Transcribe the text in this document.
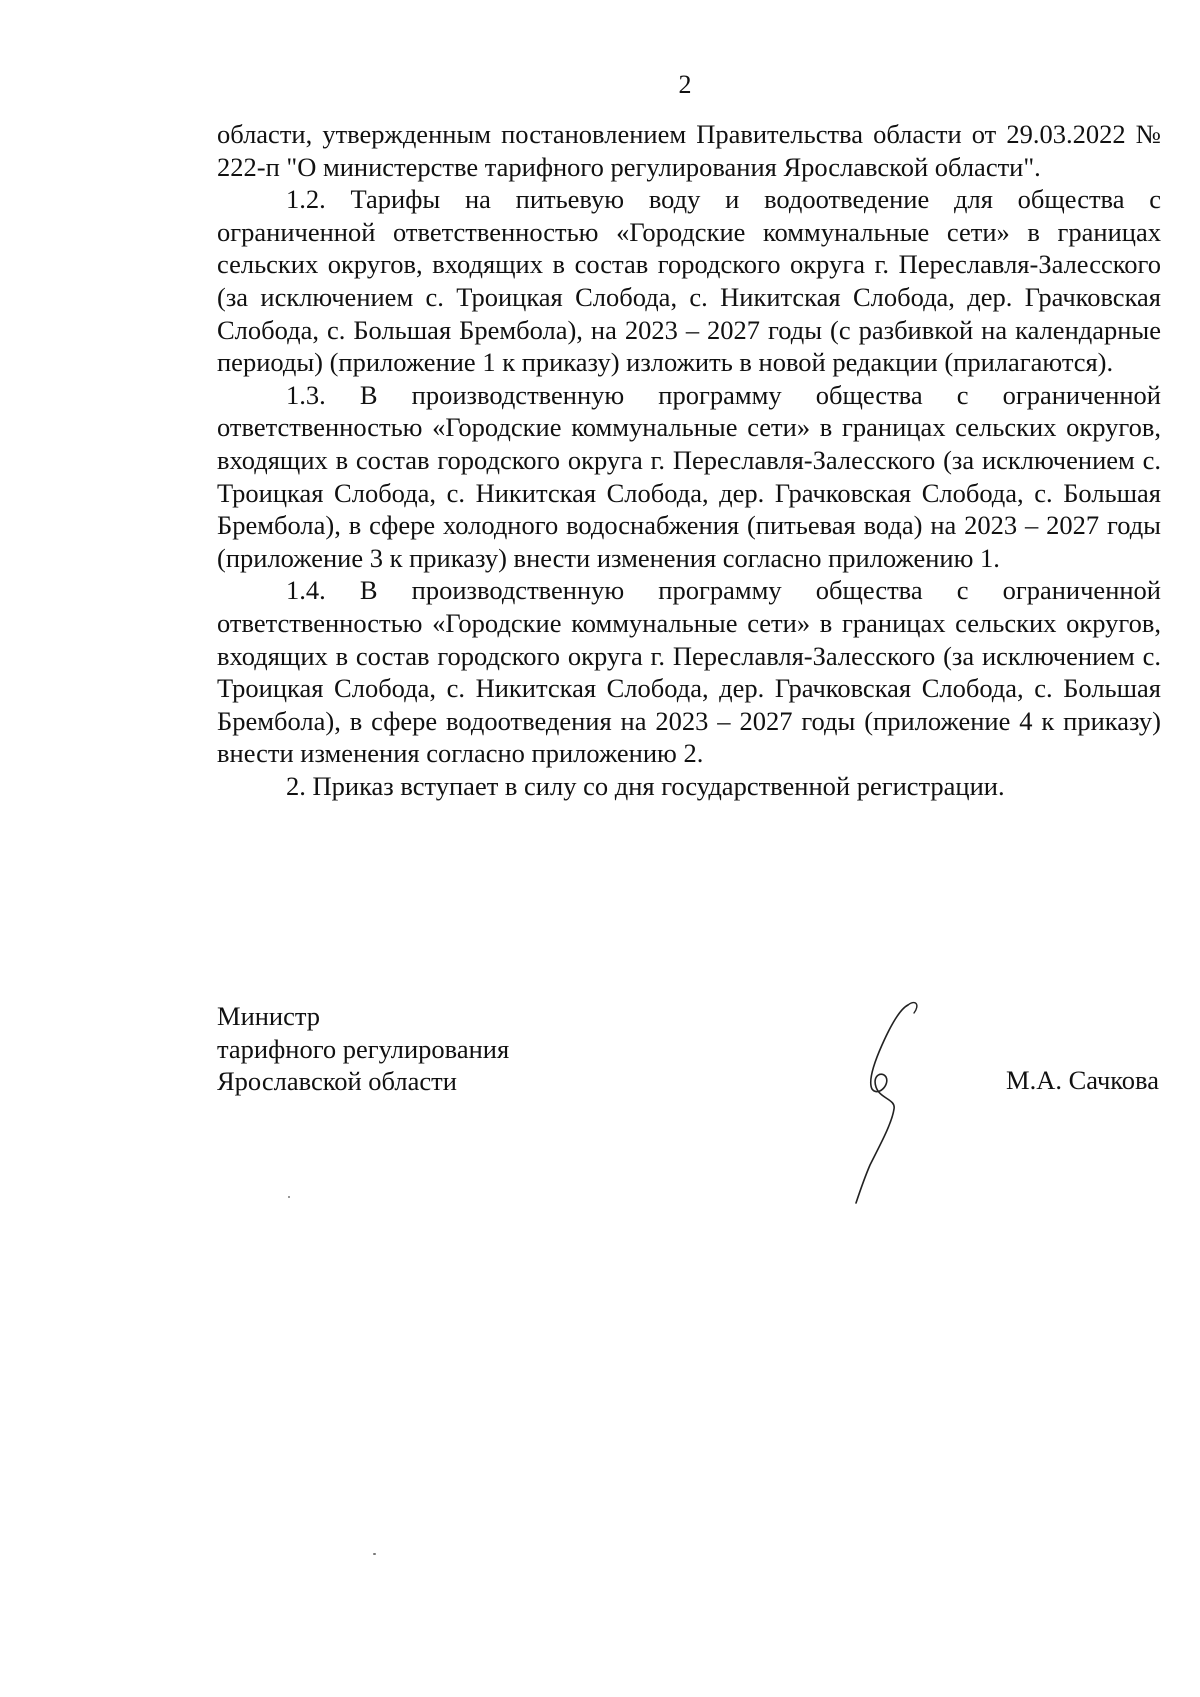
2

области, утвержденным постановлением Правительства области от 29.03.2022 № 222-п "О министерстве тарифного регулирования Ярославской области".

1.2. Тарифы на питьевую воду и водоотведение для общества с ограниченной ответственностью «Городские коммунальные сети» в границах сельских округов, входящих в состав городского округа г. Переславля-Залесского (за исключением с. Троицкая Слобода, с. Никитская Слобода, дер. Грачковская Слобода, с. Большая Брембола), на 2023 – 2027 годы (с разбивкой на календарные периоды) (приложение 1 к приказу) изложить в новой редакции (прилагаются).

1.3. В производственную программу общества с ограниченной ответственностью «Городские коммунальные сети» в границах сельских округов, входящих в состав городского округа г. Переславля-Залесского (за исключением с. Троицкая Слобода, с. Никитская Слобода, дер. Грачковская Слобода, с. Большая Брембола), в сфере холодного водоснабжения (питьевая вода) на 2023 – 2027 годы (приложение 3 к приказу) внести изменения согласно приложению 1.

1.4. В производственную программу общества с ограниченной ответственностью «Городские коммунальные сети» в границах сельских округов, входящих в состав городского округа г. Переславля-Залесского (за исключением с. Троицкая Слобода, с. Никитская Слобода, дер. Грачковская Слобода, с. Большая Брембола), в сфере водоотведения на 2023 – 2027 годы (приложение 4 к приказу) внести изменения согласно приложению 2.

2. Приказ вступает в силу со дня государственной регистрации.

Министр
тарифного регулирования
Ярославской области	М.А. Сачкова
